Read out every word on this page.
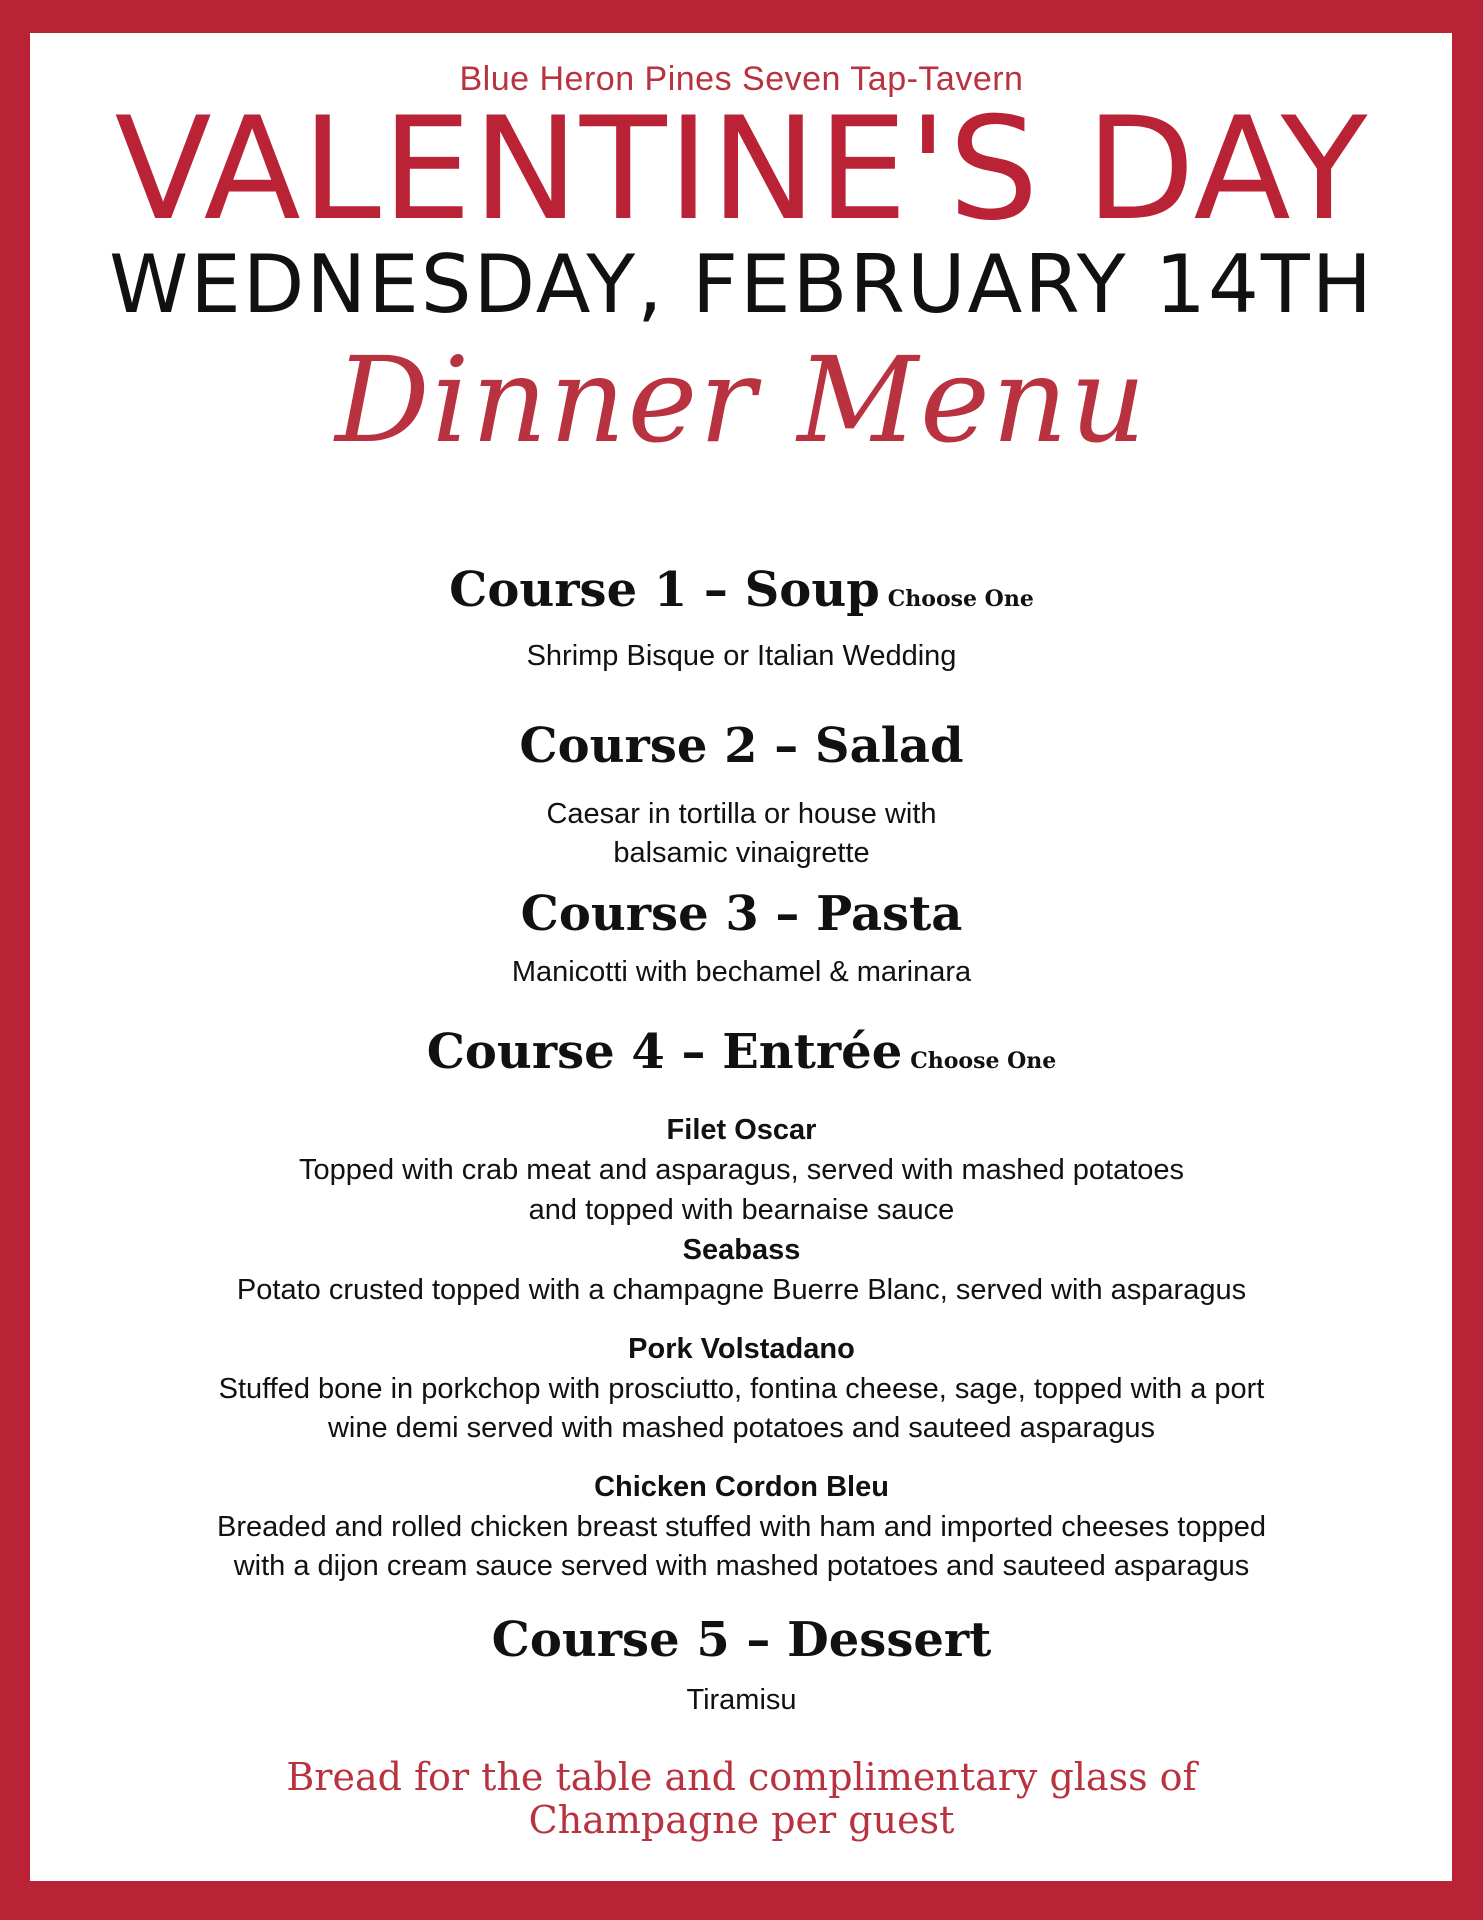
Blue Heron Pines Seven Tap-Tavern
VALENTINE'S DAY
WEDNESDAY, FEBRUARY 14TH
Dinner Menu
Course 1 – Soup Choose One
Shrimp Bisque or Italian Wedding
Course 2 – Salad
Caesar in tortilla or house with
balsamic vinaigrette
Course 3 – Pasta
Manicotti with bechamel & marinara
Course 4 – Entrée Choose One
Filet Oscar
Topped with crab meat and asparagus, served with mashed potatoes
and topped with bearnaise sauce
Seabass
Potato crusted topped with a champagne Buerre Blanc, served with asparagus
Pork Volstadano
Stuffed bone in porkchop with prosciutto, fontina cheese, sage, topped with a port
wine demi served with mashed potatoes and sauteed asparagus
Chicken Cordon Bleu
Breaded and rolled chicken breast stuffed with ham and imported cheeses topped
with a dijon cream sauce served with mashed potatoes and sauteed asparagus
Course 5 – Dessert
Tiramisu
Bread for the table and complimentary glass of
Champagne per guest
